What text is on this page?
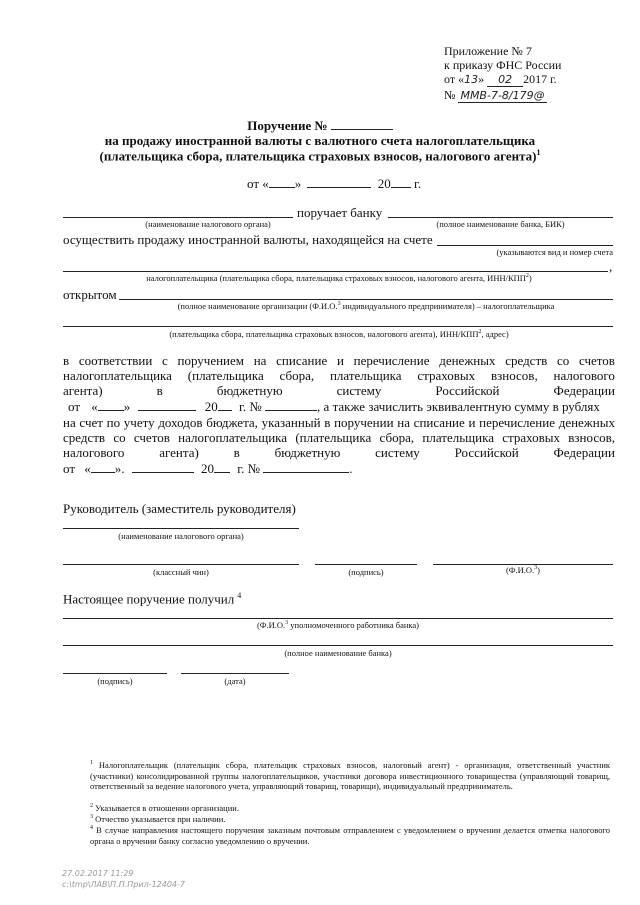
Приложение № 7
к приказу ФНС России
от «13» 02 2017 г.
№ ММВ-7-8/179@
Поручение №
на продажу иностранной валюты с валютного счета налогоплательщика
(плательщика сбора, плательщика страховых взносов, налогового агента)$^1$
от « »	20 г.
поручает банку
(наименование налогового органа)	(полное наименование банка, БИК)
осуществить продажу иностранной валюты, находящейся на счете
(указываются вид и номер счета
,
налогоплательщика (плательщика сбора, плательщика страховых взносов, налогового агента, ИНН/КПП$^2$)
открытом
(полное наименование организации (Ф.И.О.$^3$ индивидуального предпринимателя) – налогоплательщика
(плательщика сбора, плательщика страховых взносов, налогового агента), ИНН/КПП$^2$, адрес)
в соответствии с поручением на списание и перечисление денежных средств со счетов
налогоплательщика (плательщика сбора, плательщика страховых взносов, налогового
агента)	в	бюджетную	систему	Российской	Федерации
от « »	20 г. №	, а также зачислить эквивалентную сумму в рублях
на счет по учету доходов бюджета, указанный в поручении на списание и перечисление денежных
средств со счетов налогоплательщика (плательщика сбора, плательщика страховых взносов,
налогового	агента)	в	бюджетную	систему	Российской	Федерации
от « ».	20 г. №	.
Руководитель (заместитель руководителя)
(наименование налогового органа)
(классный чин)	(подпись)	(Ф.И.О.$^3$)
Настоящее поручение получил $^4$
(Ф.И.О.$^3$ уполномоченного работника банка)
(полное наименование банка)
(подпись)	(дата)
$^1$ Налогоплательщик (плательщик сбора, плательщик страховых взносов, налоговый агент) - организация, ответственный участник (участники) консолидированной группы налогоплательщиков, участники договора инвестиционного товарищества (управляющий товарищ, ответственный за ведение налогового учета, управляющий товарищ, товарищи), индивидуальный предприниматель.
$^2$ Указывается в отношении организации.
$^3$ Отчество указывается при наличии.
$^4$ В случае направления настоящего поручения заказным почтовым отправлением с уведомлением о вручении делается отметка налогового органа о вручении банку согласно уведомлению о вручении.
27.02.2017 11:29
c:\tmp\ЛАВ\П.П.Прил-12404-7
